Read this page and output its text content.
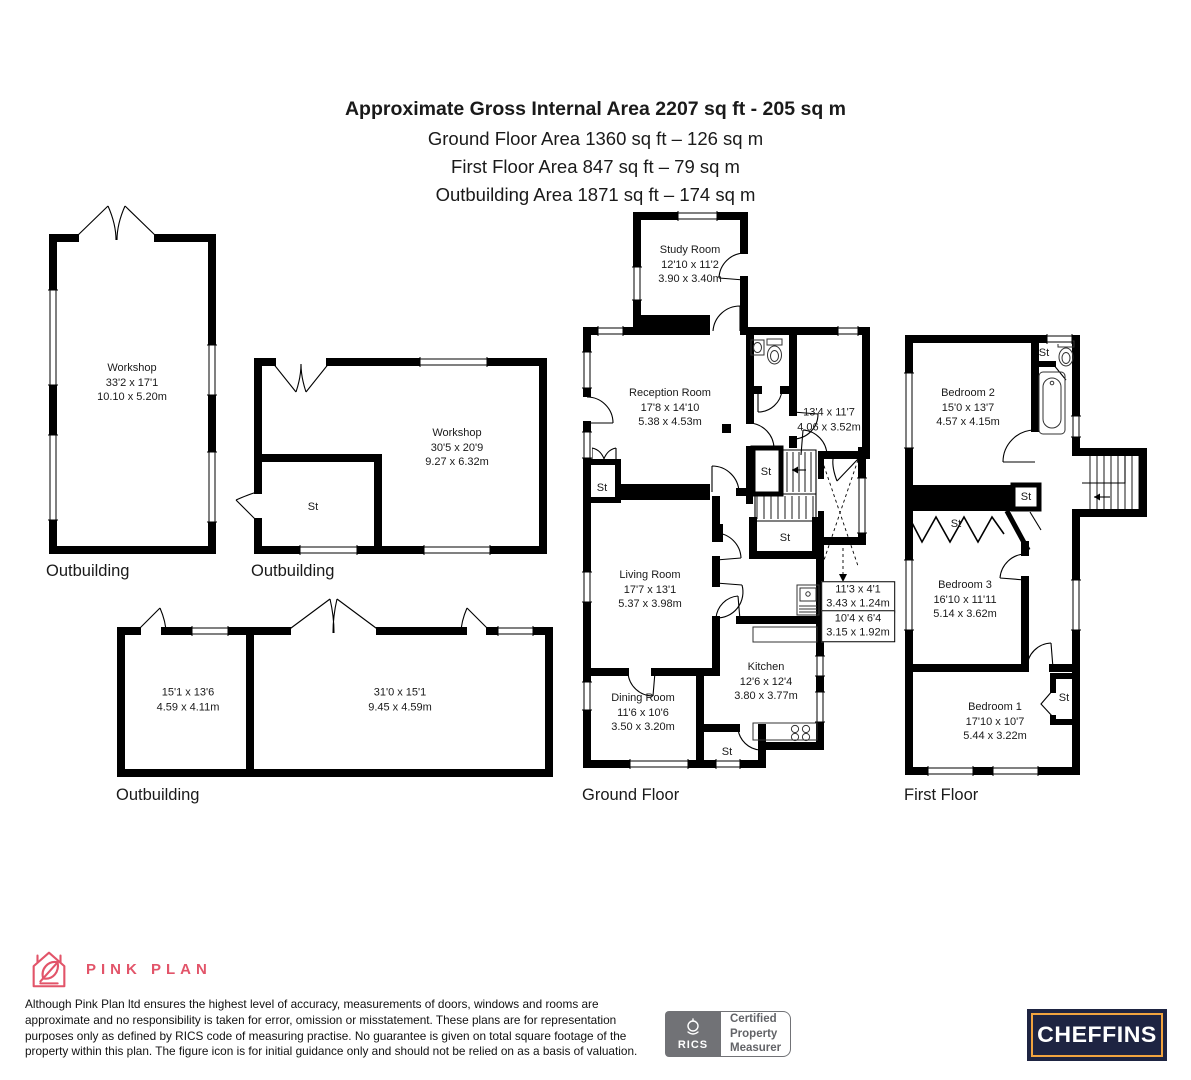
Approximate Gross Internal Area 2207 sq ft - 205 sq m
Ground Floor Area 1360 sq ft – 126 sq m
First Floor Area 847 sq ft – 79 sq m
Outbuilding Area 1871 sq ft – 174 sq m
Workshop
33'2 x 17'1
10.10 x 5.20m
Workshop
30'5 x 20'9
9.27 x 6.32m
St
15'1 x 13'6
4.59 x 4.11m
31'0 x 15'1
9.45 x 4.59m
Study Room
12'10 x 11'2
3.90 x 3.40m
Reception Room
17'8 x 14'10
5.38 x 4.53m
13'4 x 11'7
4.06 x 3.52m
Living Room
17'7 x 13'1
5.37 x 3.98m
Kitchen
12'6 x 12'4
3.80 x 3.77m
Dining Room
11'6 x 10'6
3.50 x 3.20m
11'3 x 4'1
3.43 x 1.24m
10'4 x 6'4
3.15 x 1.92m
St
St
St
St
Bedroom 2
15'0 x 13'7
4.57 x 4.15m
Bedroom 3
16'10 x 11'11
5.14 x 3.62m
Bedroom 1
17'10 x 10'7
5.44 x 3.22m
St
St
St
St
Outbuilding	Outbuilding
Outbuilding	Ground Floor	First Floor
PINK PLAN
Although Pink Plan ltd ensures the highest level of accuracy, measurements of doors, windows and rooms are approximate and no responsibility is taken for error, omission or misstatement. These plans are for representation purposes only as defined by RICS code of measuring practise. No guarantee is given on total square footage of the property within this plan. The figure icon is for initial guidance only and should not be relied on as a basis of valuation.	RICS
Certified
Property
Measurer
CHEFFINS
